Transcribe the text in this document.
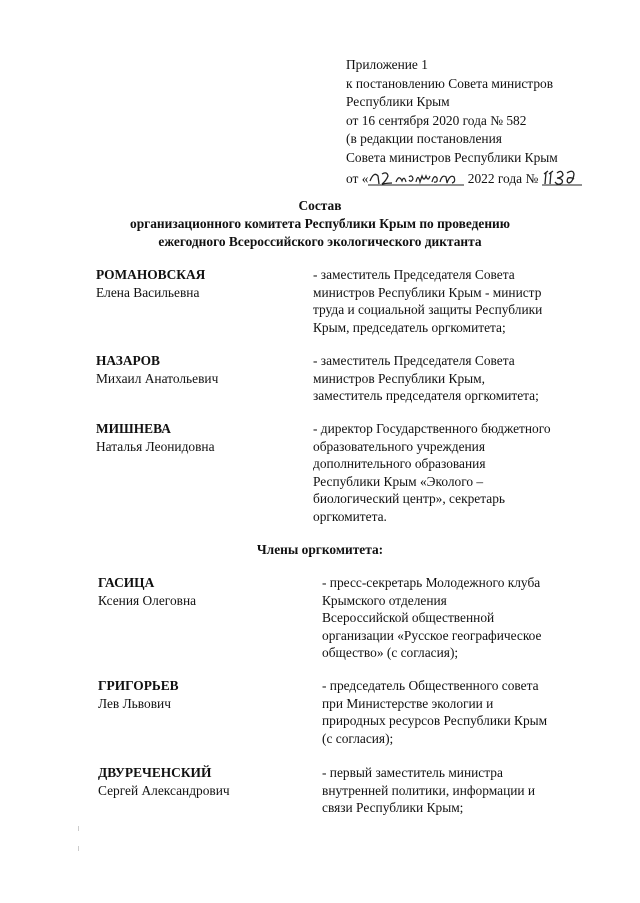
Приложение 1
к постановлению Совета министров
Республики Крым
от 16 сентября 2020 года № 582
(в редакции постановления
Совета министров Республики Крым
от «	2022 года №
Состав
организационного комитета Республики Крым по проведению
ежегодного Всероссийского экологического диктанта
РОМАНОВСКАЯ
Елена Васильевна
- заместитель Председателя Совета
министров Республики Крым - министр
труда и социальной защиты Республики
Крым, председатель оргкомитета;
НАЗАРОВ
Михаил Анатольевич
- заместитель Председателя Совета
министров Республики Крым,
заместитель председателя оргкомитета;
МИШНЕВА
Наталья Леонидовна
- директор Государственного бюджетного
образовательного учреждения
дополнительного образования
Республики Крым «Эколого –
биологический центр», секретарь
оргкомитета.
Члены оргкомитета:
ГАСИЦА
Ксения Олеговна
- пресс-секретарь Молодежного клуба
Крымского отделения
Всероссийской общественной
организации «Русское географическое
общество» (с согласия);
ГРИГОРЬЕВ
Лев Львович
- председатель Общественного совета
при Министерстве экологии и
природных ресурсов Республики Крым
(с согласия);
ДВУРЕЧЕНСКИЙ
Сергей Александрович
- первый заместитель министра
внутренней политики, информации и
связи Республики Крым;
